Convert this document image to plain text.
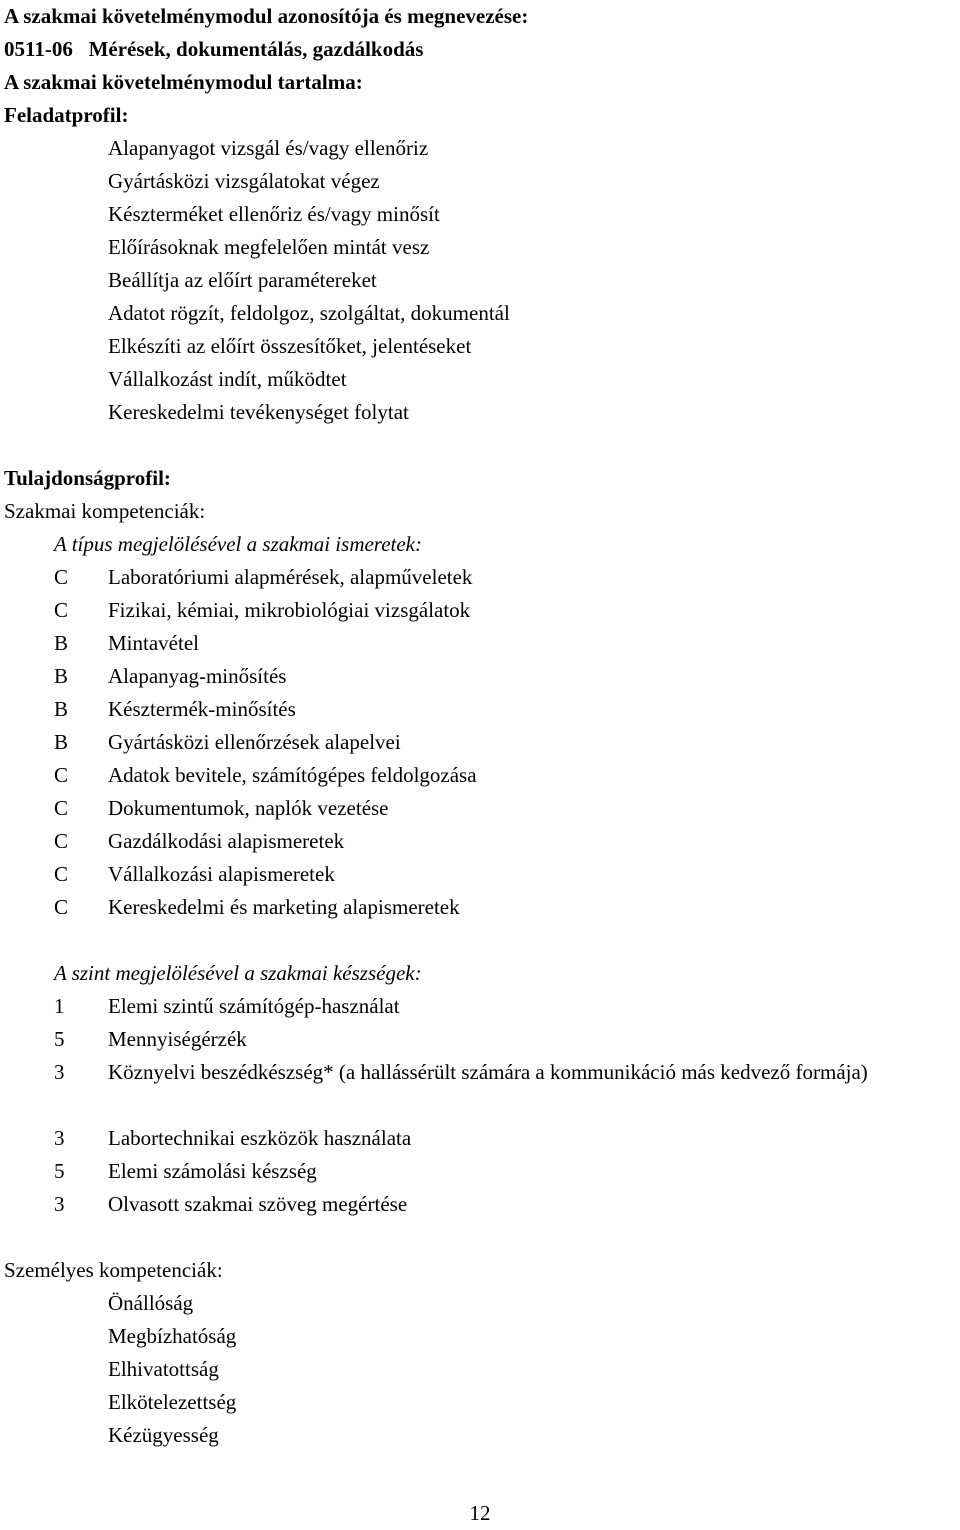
A szakmai követelménymodul azonosítója és megnevezése:
0511-06   Mérések, dokumentálás, gazdálkodás
A szakmai követelménymodul tartalma:
Feladatprofil:
Alapanyagot vizsgál és/vagy ellenőriz
Gyártásközi vizsgálatokat végez
Készterméket ellenőriz és/vagy minősít
Előírásoknak megfelelően mintát vesz
Beállítja az előírt paramétereket
Adatot rögzít, feldolgoz, szolgáltat, dokumentál
Elkészíti az előírt összesítőket, jelentéseket
Vállalkozást indít, működtet
Kereskedelmi tevékenységet folytat
Tulajdonságprofil:
Szakmai kompetenciák:
A típus megjelölésével a szakmai ismeretek:
C	Laboratóriumi alapmérések, alapműveletek
C	Fizikai, kémiai, mikrobiológiai vizsgálatok
B	Mintavétel
B	Alapanyag-minősítés
B	Késztermék-minősítés
B	Gyártásközi ellenőrzések alapelvei
C	Adatok bevitele, számítógépes feldolgozása
C	Dokumentumok, naplók vezetése
C	Gazdálkodási alapismeretek
C	Vállalkozási alapismeretek
C	Kereskedelmi és marketing alapismeretek
A szint megjelölésével a szakmai készségek:
1	Elemi szintű számítógép-használat
5	Mennyiségérzék
3	Köznyelvi beszédkészség* (a hallássérült számára a kommunikáció más kedvező formája)
3	Labortechnikai eszközök használata
5	Elemi számolási készség
3	Olvasott szakmai szöveg megértése
Személyes kompetenciák:
Önállóság
Megbízhatóság
Elhivatottság
Elkötelezettség
Kézügyesség
12
